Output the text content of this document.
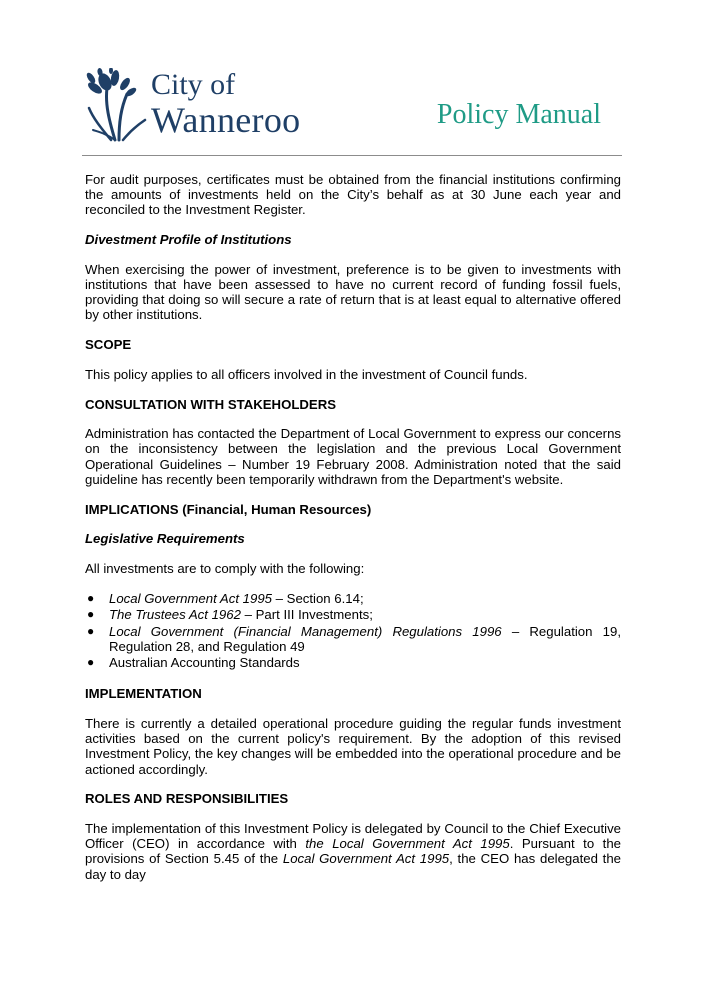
City of
Wanneroo	Policy Manual

For audit purposes, certificates must be obtained from the financial institutions confirming the amounts of investments held on the City’s behalf as at 30 June each year and reconciled to the Investment Register.

Divestment Profile of Institutions

When exercising the power of investment, preference is to be given to investments with institutions that have been assessed to have no current record of funding fossil fuels, providing that doing so will secure a rate of return that is at least equal to alternative offered by other institutions.

SCOPE

This policy applies to all officers involved in the investment of Council funds.

CONSULTATION WITH STAKEHOLDERS

Administration has contacted the Department of Local Government to express our concerns on the inconsistency between the legislation and the previous Local Government Operational Guidelines – Number 19 February 2008. Administration noted that the said guideline has recently been temporarily withdrawn from the Department's website.

IMPLICATIONS (Financial, Human Resources)

Legislative Requirements

All investments are to comply with the following:

● Local Government Act 1995 – Section 6.14;
● The Trustees Act 1962 – Part III Investments;
● Local Government (Financial Management) Regulations 1996 – Regulation 19, Regulation 28, and Regulation 49
● Australian Accounting Standards

IMPLEMENTATION

There is currently a detailed operational procedure guiding the regular funds investment activities based on the current policy's requirement. By the adoption of this revised Investment Policy, the key changes will be embedded into the operational procedure and be actioned accordingly.

ROLES AND RESPONSIBILITIES

The implementation of this Investment Policy is delegated by Council to the Chief Executive Officer (CEO) in accordance with the Local Government Act 1995. Pursuant to the provisions of Section 5.45 of the Local Government Act 1995, the CEO has delegated the day to day
